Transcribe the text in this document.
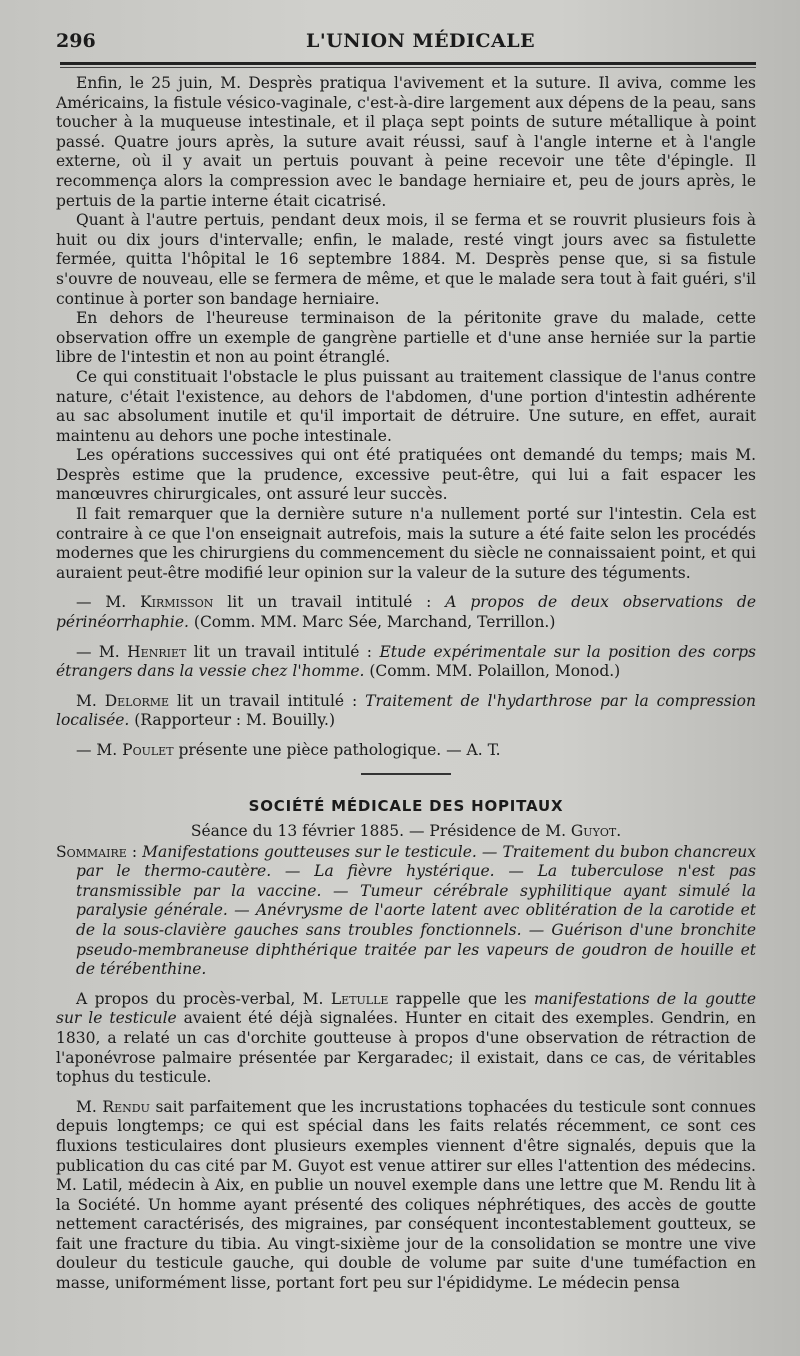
296	L'UNION MÉDICALE

Enfin, le 25 juin, M. Desprès pratiqua l'avivement et la suture. Il aviva, comme les Américains, la fistule vésico-vaginale, c'est-à-dire largement aux dépens de la peau, sans toucher à la muqueuse intestinale, et il plaça sept points de suture métallique à point passé. Quatre jours après, la suture avait réussi, sauf à l'angle interne et à l'angle externe, où il y avait un pertuis pouvant à peine recevoir une tête d'épingle. Il recommença alors la compression avec le bandage herniaire et, peu de jours après, le pertuis de la partie interne était cicatrisé.

Quant à l'autre pertuis, pendant deux mois, il se ferma et se rouvrit plusieurs fois à huit ou dix jours d'intervalle; enfin, le malade, resté vingt jours avec sa fistulette fermée, quitta l'hôpital le 16 septembre 1884. M. Desprès pense que, si sa fistule s'ouvre de nouveau, elle se fermera de même, et que le malade sera tout à fait guéri, s'il continue à porter son bandage herniaire.

En dehors de l'heureuse terminaison de la péritonite grave du malade, cette observation offre un exemple de gangrène partielle et d'une anse herniée sur la partie libre de l'intestin et non au point étranglé.

Ce qui constituait l'obstacle le plus puissant au traitement classique de l'anus contre nature, c'était l'existence, au dehors de l'abdomen, d'une portion d'intestin adhérente au sac absolument inutile et qu'il importait de détruire. Une suture, en effet, aurait maintenu au dehors une poche intestinale.

Les opérations successives qui ont été pratiquées ont demandé du temps; mais M. Desprès estime que la prudence, excessive peut-être, qui lui a fait espacer les manœuvres chirurgicales, ont assuré leur succès.

Il fait remarquer que la dernière suture n'a nullement porté sur l'intestin. Cela est contraire à ce que l'on enseignait autrefois, mais la suture a été faite selon les procédés modernes que les chirurgiens du commencement du siècle ne connaissaient point, et qui auraient peut-être modifié leur opinion sur la valeur de la suture des téguments.

— M. Kirmisson lit un travail intitulé : A propos de deux observations de périnéorrhaphie. (Comm. MM. Marc Sée, Marchand, Terrillon.)

— M. Henriet lit un travail intitulé : Etude expérimentale sur la position des corps étrangers dans la vessie chez l'homme. (Comm. MM. Polaillon, Monod.)

M. Delorme lit un travail intitulé : Traitement de l'hydarthrose par la compression localisée. (Rapporteur : M. Bouilly.)

— M. Poulet présente une pièce pathologique. — A. T.

SOCIÉTÉ MÉDICALE DES HOPITAUX
Séance du 13 février 1885. — Présidence de M. Guyot.

Sommaire : Manifestations goutteuses sur le testicule. — Traitement du bubon chancreux par le thermo-cautère. — La fièvre hystérique. — La tuberculose n'est pas transmissible par la vaccine. — Tumeur cérébrale syphilitique ayant simulé la paralysie générale. — Anévrysme de l'aorte latent avec oblitération de la carotide et de la sous-clavière gauches sans troubles fonctionnels. — Guérison d'une bronchite pseudo-membraneuse diphthérique traitée par les vapeurs de goudron de houille et de térébenthine.

A propos du procès-verbal, M. Letulle rappelle que les manifestations de la goutte sur le testicule avaient été déjà signalées. Hunter en citait des exemples. Gendrin, en 1830, a relaté un cas d'orchite goutteuse à propos d'une observation de rétraction de l'aponévrose palmaire présentée par Kergaradec; il existait, dans ce cas, de véritables tophus du testicule.

M. Rendu sait parfaitement que les incrustations tophacées du testicule sont connues depuis longtemps; ce qui est spécial dans les faits relatés récemment, ce sont ces fluxions testiculaires dont plusieurs exemples viennent d'être signalés, depuis que la publication du cas cité par M. Guyot est venue attirer sur elles l'attention des médecins. M. Latil, médecin à Aix, en publie un nouvel exemple dans une lettre que M. Rendu lit à la Société. Un homme ayant présenté des coliques néphrétiques, des accès de goutte nettement caractérisés, des migraines, par conséquent incontestablement goutteux, se fait une fracture du tibia. Au vingt-sixième jour de la consolidation se montre une vive douleur du testicule gauche, qui double de volume par suite d'une tuméfaction en masse, uniformément lisse, portant fort peu sur l'épididyme. Le médecin pensa
